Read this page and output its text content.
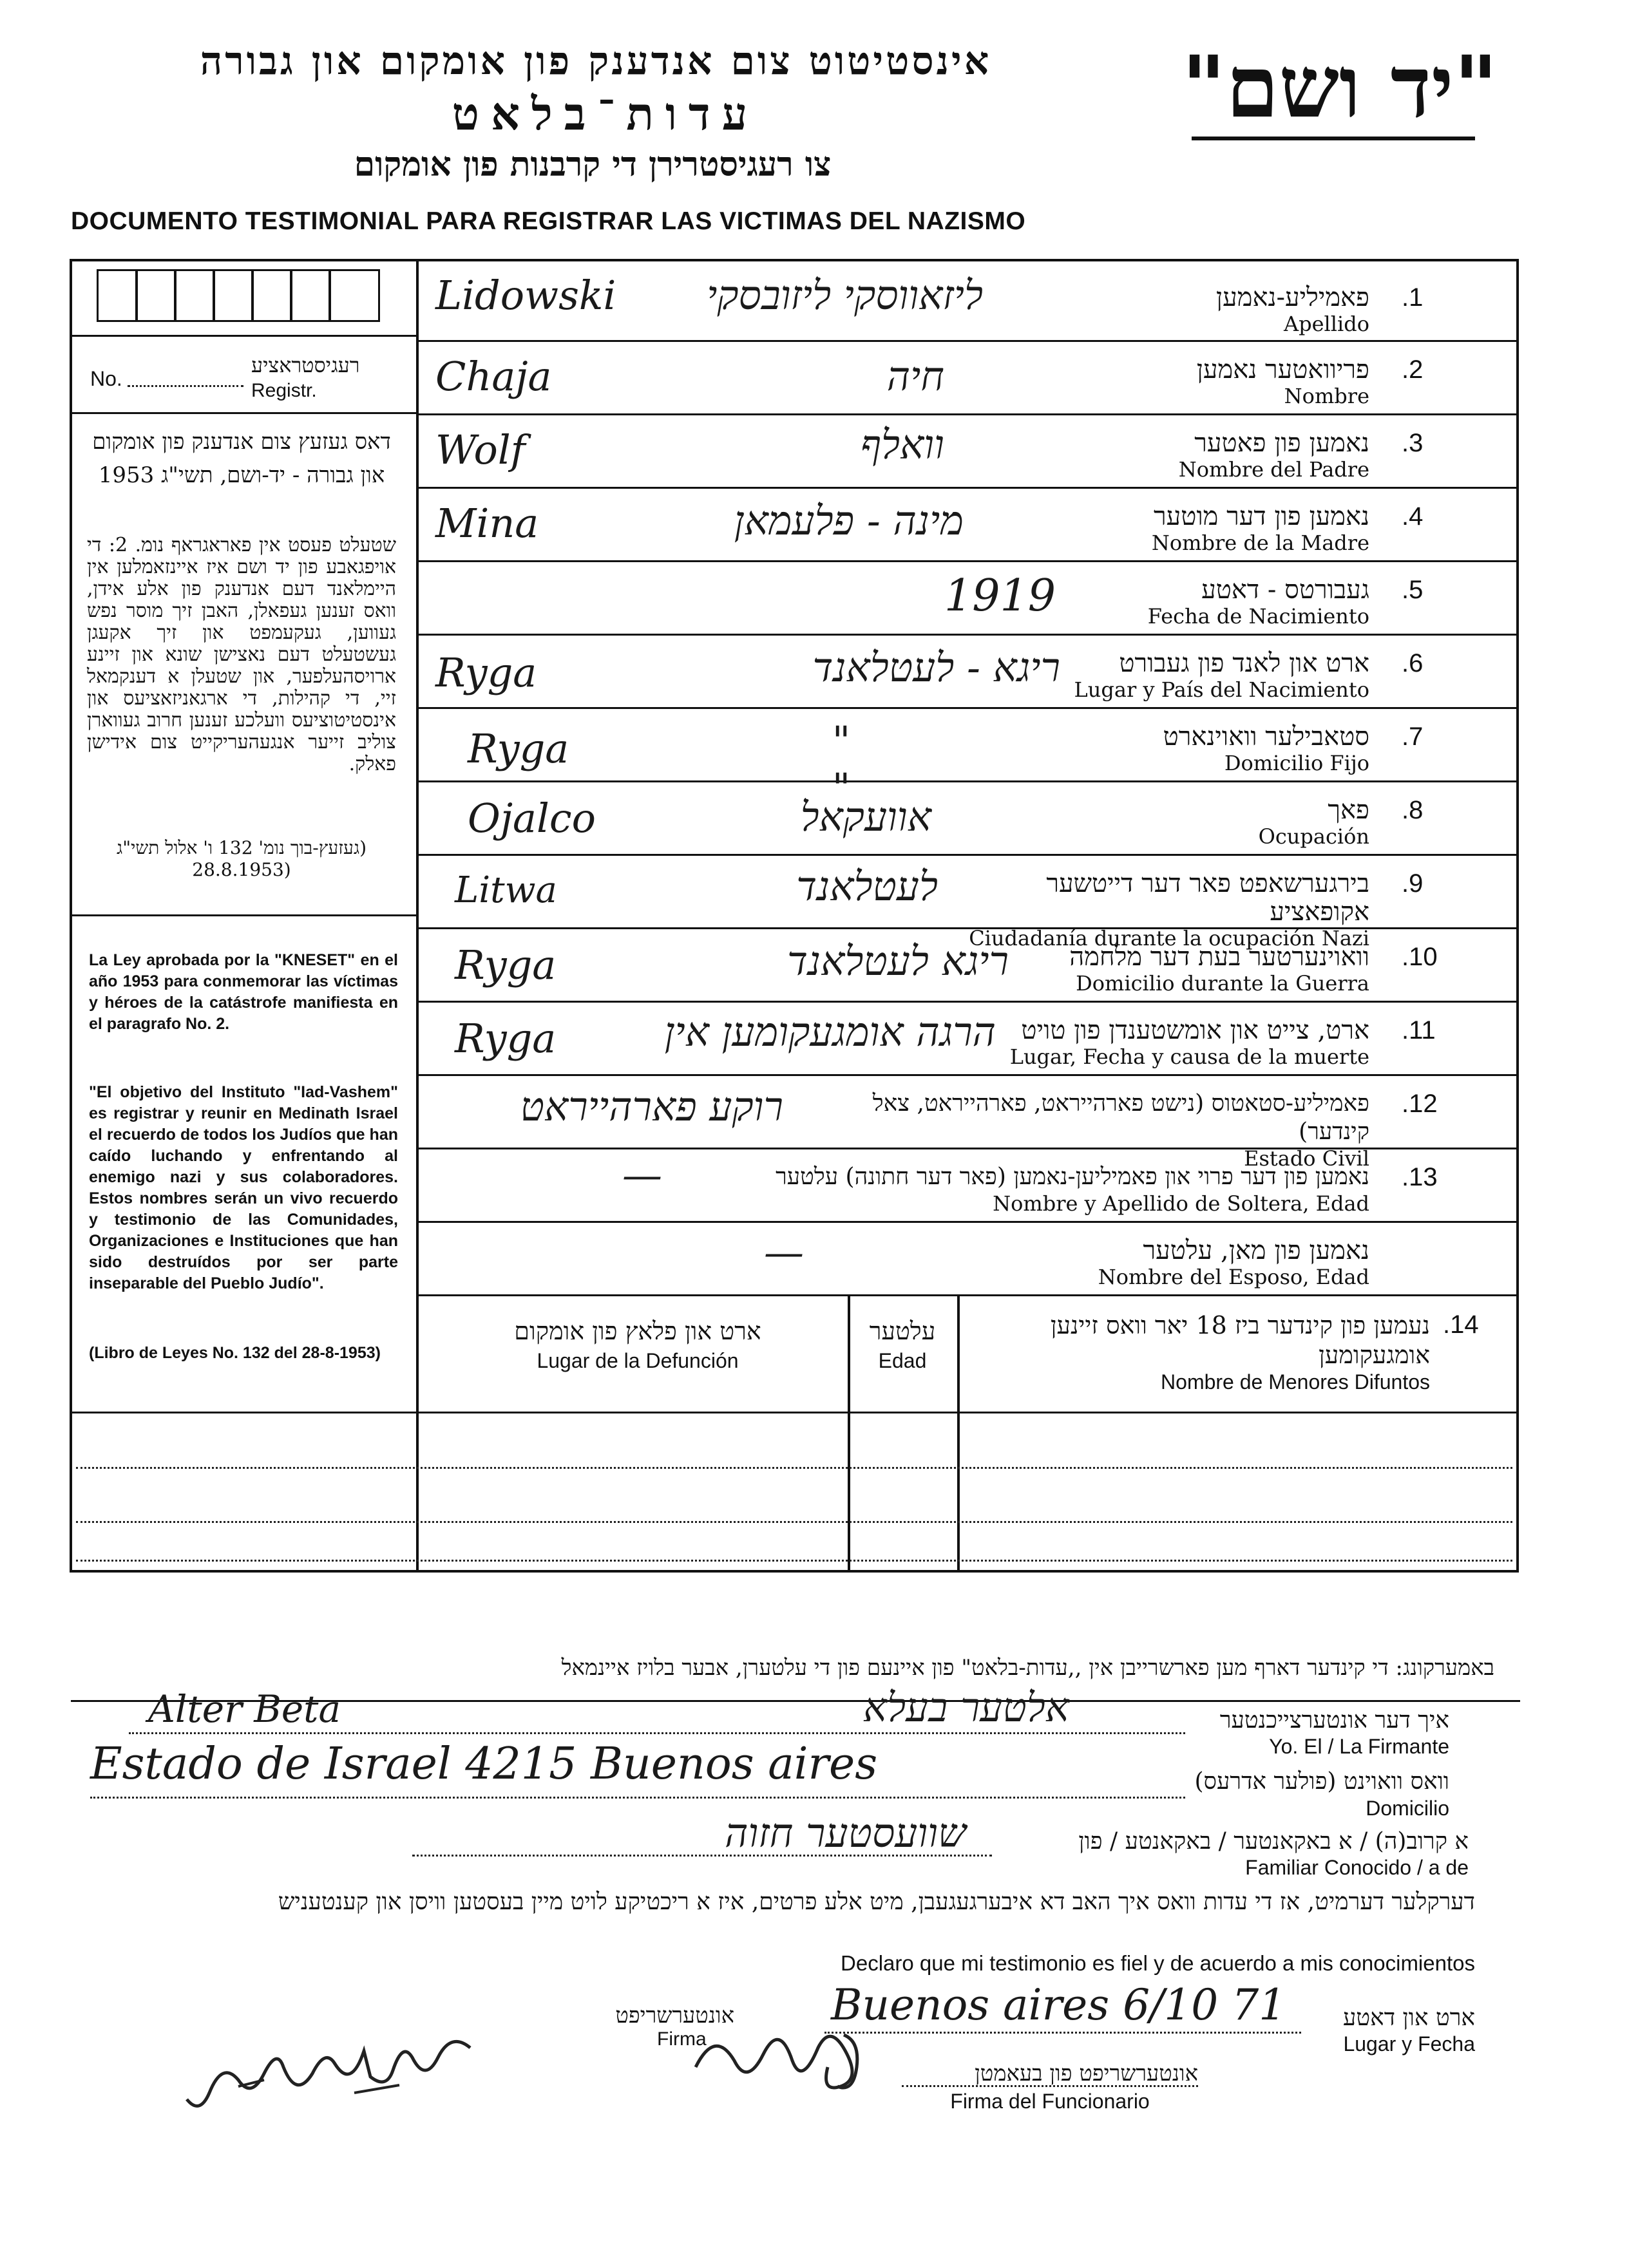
אינסטיטוט צום אנדענק פון אומקום און גבורה
עדות־בלאט
צו רעגיסטרירן די קרבנות פון אומקום
DOCUMENTO TESTIMONIAL PARA REGISTRAR LAS VICTIMAS DEL NAZISMO
"יד ושם"
No.
רעגיסטראציע
Registr.
דאס געזעץ צום אנדענק פון אומקום און גבורה - יד-ושם, תשי"ג 1953
שטעלט פעסט אין פאראגראף נומ. 2: די אויפגאבע פון יד ושם איז איינזאמלען אין היימלאנד דעם אנדענק פון אלע אידן, וואס זענען געפאלן, האבן זיך מוסר נפש געווען, געקעמפט און זיך אקעגן געשטעלט דעם נאצישן שונא און זיינע ארויסהעלפער, און שטעלן א דענקמאל זיי, די קהילות, די ארגאניזאציעס און אינסטיטוציעס וועלכע זענען חרוב געווארן צוליב זייער אנגעהעריקייט צום אידישן פאלק.
(געזעץ-בוך נומ' 132 ו' אלול תשי"ג (28.8.1953
La Ley aprobada por la "KNESET" en el año 1953 para conmemorar las víctimas y héroes de la catástrofe manifiesta en el paragrafo No. 2.
"El objetivo del Instituto "Iad-Vashem" es registrar y reunir en Medinath Israel el recuerdo de todos los Judíos que han caído luchando y enfrentando al enemigo nazi y sus colaboradores. Estos nombres serán un vivo recuerdo y testimonio de las Comunidades, Organizaciones e Instituciones que han sido destruídos por ser parte inseparable del Pueblo Judío".
(Libro de Leyes No. 132 del 28-8-1953)
Lidowski	ליזאווסקי ליזובסקי	פאמיליע-נאמען
Apellido
.1
Chaja	חיה	פריוואטער נאמען
Nombre
.2
Wolf	וואלף	נאמען פון פאטער
Nombre del Padre
.3
Mina	מינה - פלעמאן	נאמען פון דער מוטער
Nombre de la Madre
.4
1919	געבורטס - דאטע
Fecha de Nacimiento
.5
Ryga	ריגא - לעטלאנד	ארט און לאנד פון געבורט
Lugar y País del Nacimiento
.6
Ryga	" "
סטאבילער וואוינארט
Domicilio Fijo
.7
Ojalco	אוועקאל	פאך
Ocupación
.8
Litwa	לעטלאנד	בירגערשאפט פאר דער דייטשער אקופאציע
Ciudadanía durante la ocupación Nazi
.9
Ryga	ריגא לעטלאנד	וואוינערטער בעת דער מלחמה
Domicilio durante la Guerra
.10
Ryga	הרגה אומגעקומען אין ארט, צייט און אומשטענדן פון טויט
Lugar, Fecha y causa de la muerte
.11
רוקע פארהייראט	פאמיליע-סטאטוס (נישט פארהייראט, פארהייראט, צאל קינדער)
Estado Civil
.12
—	נאמען פון דער פרוי און פאמיליען-נאמען (פאר דער חתונה) עלטער
Nombre y Apellido de Soltera, Edad
.13
—	נאמען פון מאן, עלטער
Nombre del Esposo, Edad
ארט און פלאץ פון אומקום
Lugar de la Defunción
עלטער
Edad
נעמען פון קינדער ביז 18 יאר וואס זיינען אומגעקומען
Nombre de Menores Difuntos
.14
באמערקונג: די קינדער דארף מען פארשרייבן אין ,,עדות-בלאט" פון איינעם פון די עלטערן, אבער בלויז איינמאל
Alter Beta	אלטער בעלא	איך דער אונטערצייכנטער
Yo. El / La Firmante
Estado de Israel 4215 Buenos aires	וואס וואוינט (פולער אדרעס)
Domicilio
שוועסטער חזוה	א קרוב(ה) / א באקאנטער / באקאנטע / פון
Familiar Conocido / a de
דערקלער דערמיט, אז די עדות וואס איך האב דא איבערגעגעבן, מיט אלע פרטים, איז א ריכטיקע לויט מיין בעסטען וויסן און קענטעניש
Declaro que mi testimonio es fiel y de acuerdo a mis conocimientos
Buenos aires 6/10 71	ארט און דאטע
Lugar y Fecha
אונטערשריפט
Firma
אונטערשריפט פון בעאמטן
Firma del Funcionario
